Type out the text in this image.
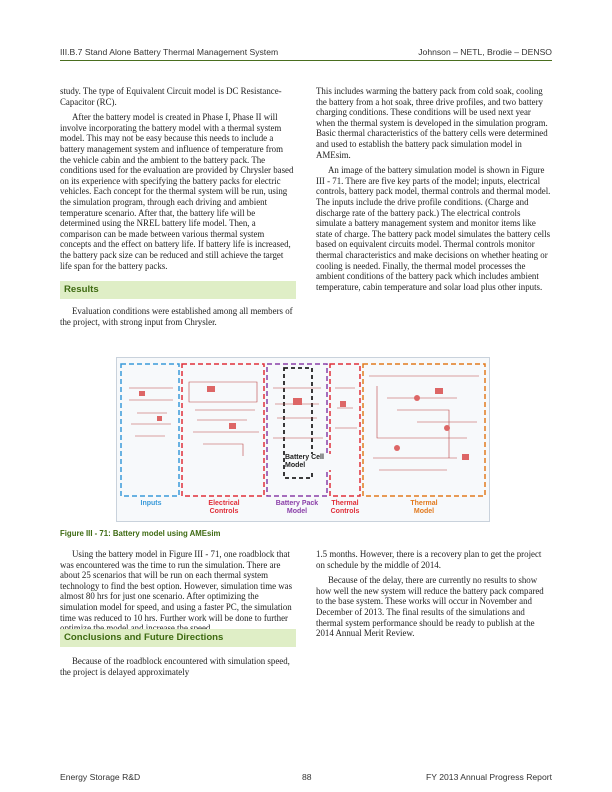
III.B.7 Stand Alone Battery Thermal Management System	Johnson – NETL, Brodie – DENSO

study. The type of Equivalent Circuit model is DC Resistance-Capacitor (RC).

After the battery model is created in Phase I, Phase II will involve incorporating the battery model with a thermal system model. This may not be easy because this needs to include a battery management system and influence of temperature from the vehicle cabin and the ambient to the battery pack. The conditions used for the evaluation are provided by Chrysler based on its experience with specifying the battery packs for electric vehicles. Each concept for the thermal system will be run, using the simulation program, through each driving and ambient temperature scenario. After that, the battery life will be determined using the NREL battery life model. Then, a comparison can be made between various thermal system concepts and the effect on battery life. If battery life is increased, the battery pack size can be reduced and still achieve the target life span for the battery packs.

Results

Evaluation conditions were established among all members of the project, with strong input from Chrysler.

This includes warming the battery pack from cold soak, cooling the battery from a hot soak, three drive profiles, and two battery charging conditions. These conditions will be used next year when the thermal system is developed in the simulation program. Basic thermal characteristics of the battery cells were determined and used to establish the battery pack simulation model in AMEsim.

An image of the battery simulation model is shown in Figure III - 71. There are five key parts of the model; inputs, electrical controls, battery pack model, thermal controls and thermal model. The inputs include the drive profile conditions. (Charge and discharge rate of the battery pack.) The electrical controls simulate a battery management system and monitor items like state of charge. The battery pack model simulates the battery cells based on equivalent circuits model. Thermal controls monitor thermal characteristics and make decisions on whether heating or cooling is needed. Finally, the thermal model processes the ambient conditions of the battery pack which includes ambient temperature, cabin temperature and solar load plus other inputs.

Inputs	Electrical
Controls
Battery Pack
Model
Thermal
Controls
Thermal
Model
Battery Cell
Model
Figure III - 71: Battery model using AMEsim

Using the battery model in Figure III - 71, one roadblock that was encountered was the time to run the simulation. There are about 25 scenarios that will be run on each thermal system technology to find the best option. However, simulation time was almost 80 hrs for just one scenario. After optimizing the simulation model for speed, and using a faster PC, the simulation time was reduced to 10 hrs. Further work will be done to further

Conclusions and Future Directions

Because of the roadblock encountered with simulation speed, the project is delayed approximately

1.5 months. However, there is a recovery plan to get the project on schedule by the middle of 2014.

Because of the delay, there are currently no results to show how well the new system will reduce the battery pack compared to the base system. These works will occur in November and December of 2013. The final results of the simulations and thermal system performance should be ready to publish at the 2014 Annual Merit Review.

Energy Storage R&D	88	FY 2013 Annual Progress Report
